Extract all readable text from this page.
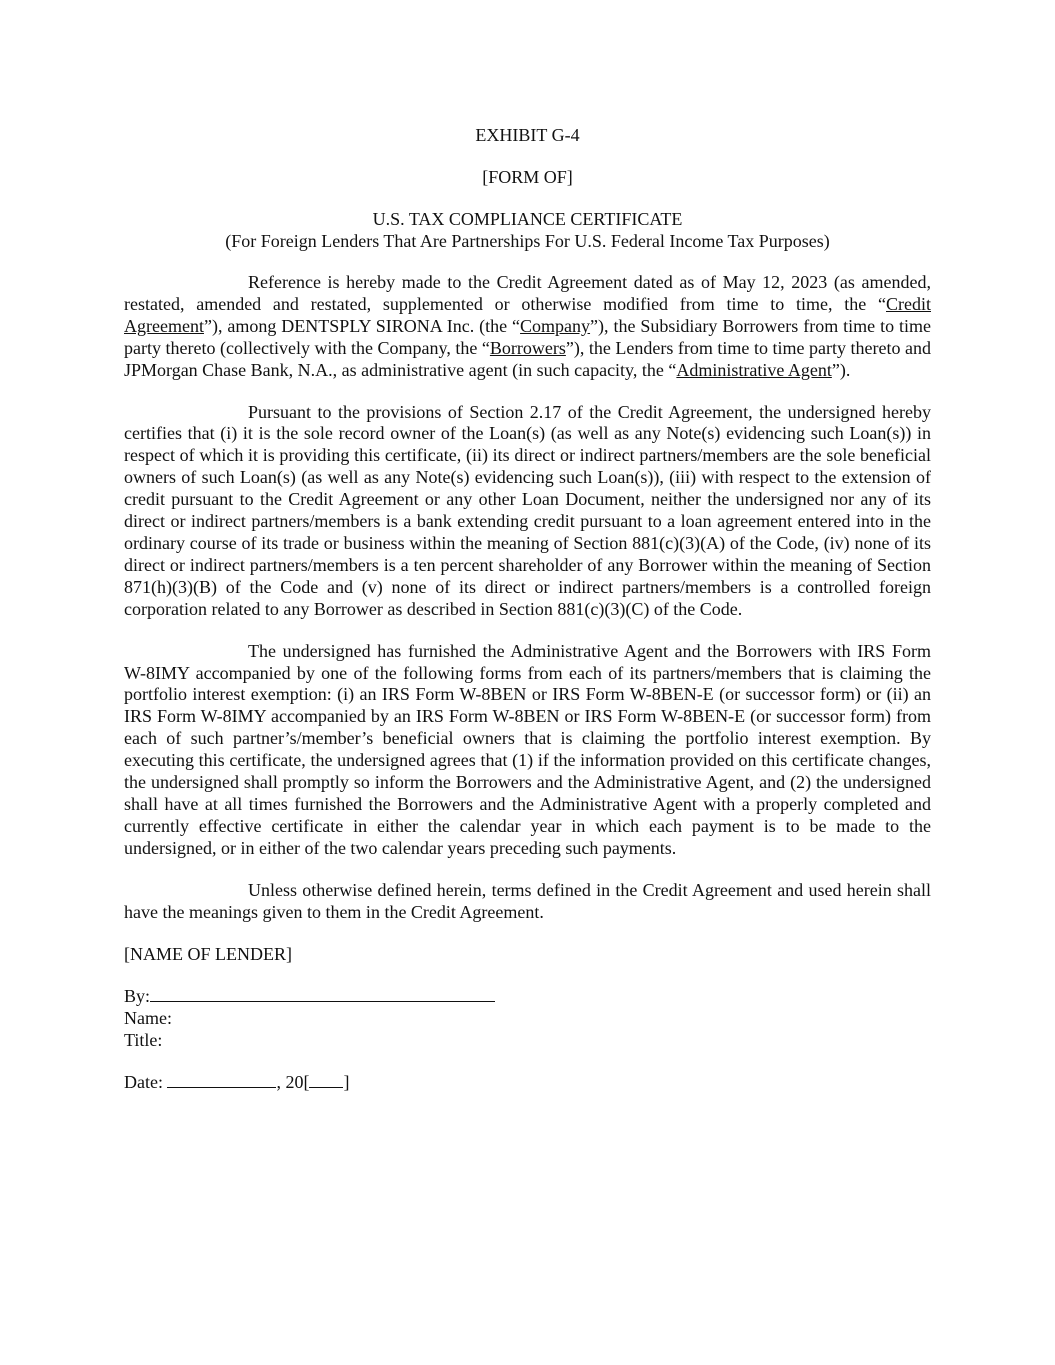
EXHIBIT G-4
[FORM OF]
U.S. TAX COMPLIANCE CERTIFICATE
(For Foreign Lenders That Are Partnerships For U.S. Federal Income Tax Purposes)

Reference is hereby made to the Credit Agreement dated as of May 12, 2023 (as amended, restated, amended and restated, supplemented or otherwise modified from time to time, the “Credit Agreement”), among DENTSPLY SIRONA Inc. (the “Company”), the Subsidiary Borrowers from time to time party thereto (collectively with the Company, the “Borrowers”), the Lenders from time to time party thereto and JPMorgan Chase Bank, N.A., as administrative agent (in such capacity, the “Administrative Agent”).

Pursuant to the provisions of Section 2.17 of the Credit Agreement, the undersigned hereby certifies that (i) it is the sole record owner of the Loan(s) (as well as any Note(s) evidencing such Loan(s)) in respect of which it is providing this certificate, (ii) its direct or indirect partners/members are the sole beneficial owners of such Loan(s) (as well as any Note(s) evidencing such Loan(s)), (iii) with respect to the extension of credit pursuant to the Credit Agreement or any other Loan Document, neither the undersigned nor any of its direct or indirect partners/members is a bank extending credit pursuant to a loan agreement entered into in the ordinary course of its trade or business within the meaning of Section 881(c)(3)(A) of the Code, (iv) none of its direct or indirect partners/members is a ten percent shareholder of any Borrower within the meaning of Section 871(h)(3)(B) of the Code and (v) none of its direct or indirect partners/members is a controlled foreign corporation related to any Borrower as described in Section 881(c)(3)(C) of the Code.

The undersigned has furnished the Administrative Agent and the Borrowers with IRS Form W-8IMY accompanied by one of the following forms from each of its partners/members that is claiming the portfolio interest exemption: (i) an IRS Form W-8BEN or IRS Form W-8BEN-E (or successor form) or (ii) an IRS Form W-8IMY accompanied by an IRS Form W-8BEN or IRS Form W-8BEN-E (or successor form) from each of such partner’s/member’s beneficial owners that is claiming the portfolio interest exemption. By executing this certificate, the undersigned agrees that (1) if the information provided on this certificate changes, the undersigned shall promptly so inform the Borrowers and the Administrative Agent, and (2) the undersigned shall have at all times furnished the Borrowers and the Administrative Agent with a properly completed and currently effective certificate in either the calendar year in which each payment is to be made to the undersigned, or in either of the two calendar years preceding such payments.

Unless otherwise defined herein, terms defined in the Credit Agreement and used herein shall have the meanings given to them in the Credit Agreement.

[NAME OF LENDER]
By:
Name:
Title:
Date:	, 20[ ]
